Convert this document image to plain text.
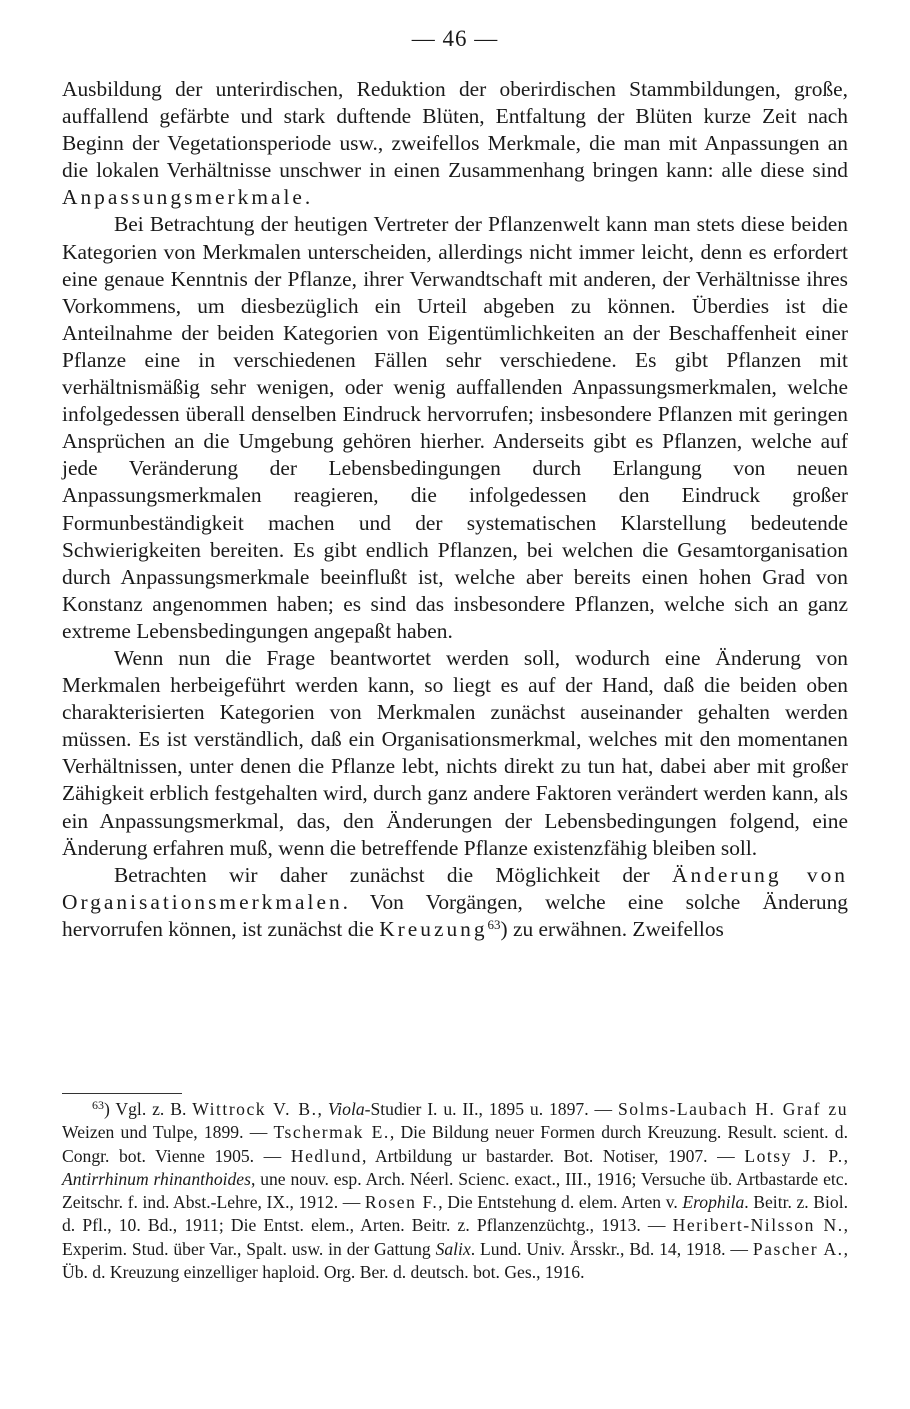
— 46 —

Ausbildung der unterirdischen, Reduktion der oberirdischen Stammbildungen, große, auffallend gefärbte und stark duftende Blüten, Entfaltung der Blüten kurze Zeit nach Beginn der Vegetationsperiode usw., zweifellos Merkmale, die man mit Anpassungen an die lokalen Verhältnisse unschwer in einen Zusammenhang bringen kann: alle diese sind Anpassungsmerkmale.

Bei Betrachtung der heutigen Vertreter der Pflanzenwelt kann man stets diese beiden Kategorien von Merkmalen unterscheiden, allerdings nicht immer leicht, denn es erfordert eine genaue Kenntnis der Pflanze, ihrer Verwandtschaft mit anderen, der Verhältnisse ihres Vorkommens, um diesbezüglich ein Urteil abgeben zu können. Überdies ist die Anteilnahme der beiden Kategorien von Eigentümlichkeiten an der Beschaffenheit einer Pflanze eine in verschiedenen Fällen sehr verschiedene. Es gibt Pflanzen mit verhältnismäßig sehr wenigen, oder wenig auffallenden Anpassungsmerkmalen, welche infolgedessen überall denselben Eindruck hervorrufen; insbesondere Pflanzen mit geringen Ansprüchen an die Umgebung gehören hierher. Anderseits gibt es Pflanzen, welche auf jede Veränderung der Lebensbedingungen durch Erlangung von neuen Anpassungsmerkmalen reagieren, die infolgedessen den Eindruck großer Formunbeständigkeit machen und der systematischen Klarstellung bedeutende Schwierigkeiten bereiten. Es gibt endlich Pflanzen, bei welchen die Gesamtorganisation durch Anpassungsmerkmale beeinflußt ist, welche aber bereits einen hohen Grad von Konstanz angenommen haben; es sind das insbesondere Pflanzen, welche sich an ganz extreme Lebensbedingungen angepaßt haben.

Wenn nun die Frage beantwortet werden soll, wodurch eine Änderung von Merkmalen herbeigeführt werden kann, so liegt es auf der Hand, daß die beiden oben charakterisierten Kategorien von Merkmalen zunächst auseinander gehalten werden müssen. Es ist verständlich, daß ein Organisationsmerkmal, welches mit den momentanen Verhältnissen, unter denen die Pflanze lebt, nichts direkt zu tun hat, dabei aber mit großer Zähigkeit erblich festgehalten wird, durch ganz andere Faktoren verändert werden kann, als ein Anpassungsmerkmal, das, den Änderungen der Lebensbedingungen folgend, eine Änderung erfahren muß, wenn die betreffende Pflanze existenzfähig bleiben soll.

Betrachten wir daher zunächst die Möglichkeit der Änderung von Organisationsmerkmalen. Von Vorgängen, welche eine solche Änderung hervorrufen können, ist zunächst die Kreuzung$^{63}$) zu erwähnen. Zweifellos

$^{63}$) Vgl. z. B. Wittrock V. B., Viola-Studier I. u. II., 1895 u. 1897. — Solms-Laubach H. Graf zu Weizen und Tulpe, 1899. — Tschermak E., Die Bildung neuer Formen durch Kreuzung. Result. scient. d. Congr. bot. Vienne 1905. — Hedlund, Artbildung ur bastarder. Bot. Notiser, 1907. — Lotsy J. P., Antirrhinum rhinanthoides, une nouv. esp. Arch. Néerl. Scienc. exact., III., 1916; Versuche üb. Artbastarde etc. Zeitschr. f. ind. Abst.-Lehre, IX., 1912. — Rosen F., Die Entstehung d. elem. Arten v. Erophila. Beitr. z. Biol. d. Pfl., 10. Bd., 1911; Die Entst. elem., Arten. Beitr. z. Pflanzenzüchtg., 1913. — Heribert-Nilsson N., Experim. Stud. über Var., Spalt. usw. in der Gattung Salix. Lund. Univ. Årsskr., Bd. 14, 1918. — Pascher A., Üb. d. Kreuzung einzelliger haploid. Org. Ber. d. deutsch. bot. Ges., 1916.
